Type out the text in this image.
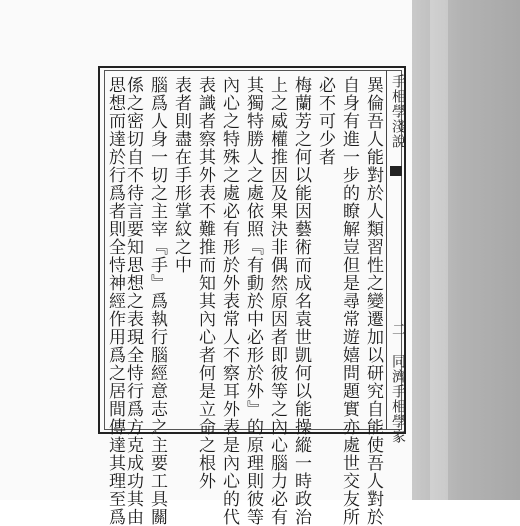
手相學淺說
二 同濟手相學家
異倫吾人能對於人類習性之變遷加以研究自能使吾人對於
自身有進一步的瞭解豈但是尋常遊嬉問題實亦處世交友所
必不可少者
梅蘭芳之何以能因藝術而成名袁世凱何以能操縱一時政治
上之威權推因及果決非偶然原因者即彼等之內心腦力必有
其獨特勝人之處依照『有動於中必形於外』的原理則彼等
內心之特殊之處必有形於外表常人不察耳外表是內心的代
表識者察其外表不難推而知其內心者何是立命之根外
表者則盡在手形掌紋之中
腦爲人身一切之主宰『手』爲執行腦經意志之主要工具關
係之密切自不待言要知思想之表現全恃行爲方克成功其由
思想而達於行爲者則全恃神經作用爲之居間傳達其理至爲
